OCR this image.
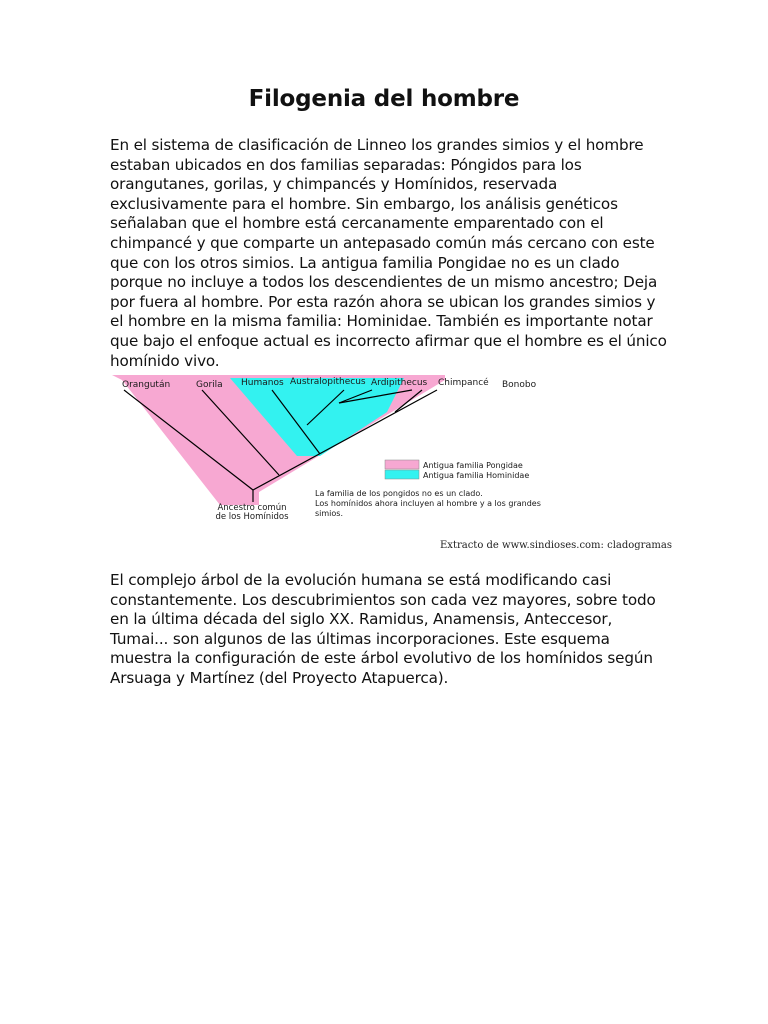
Filogenia del hombre
En el sistema de clasificación de Linneo los grandes simios y el hombre estaban ubicados en dos familias separadas: Póngidos para los orangutanes, gorilas, y chimpancés y Homínidos, reservada exclusivamente para el hombre. Sin embargo, los análisis genéticos señalaban que el hombre está cercanamente emparentado con el chimpancé y que comparte un antepasado común más cercano con este que con los otros simios. La antigua familia Pongidae no es un clado porque no incluye a todos los descendientes de un mismo ancestro; Deja por fuera al hombre. Por esta razón ahora se ubican los grandes simios y el hombre en la misma familia: Hominidae. También es importante notar que bajo el enfoque actual es incorrecto afirmar que el hombre es el único homínido vivo.
Orangután	Gorila Humanos Australopithecus Ardipithecus Chimpancé Bonobo
Ancestro común
de los Homínidos
Antigua familia Pongidae
Antigua familia Hominidae
La familia de los pongidos no es un clado.
Los homínidos ahora incluyen al hombre y a los grandes
simios.
Extracto de www.sindioses.com: cladogramas
El complejo árbol de la evolución humana se está modificando casi constantemente. Los descubrimientos son cada vez mayores, sobre todo en la última década del siglo XX. Ramidus, Anamensis, Anteccesor, Tumai... son algunos de las últimas incorporaciones. Este esquema muestra la configuración de este árbol evolutivo de los homínidos según Arsuaga y Martínez (del Proyecto Atapuerca).
